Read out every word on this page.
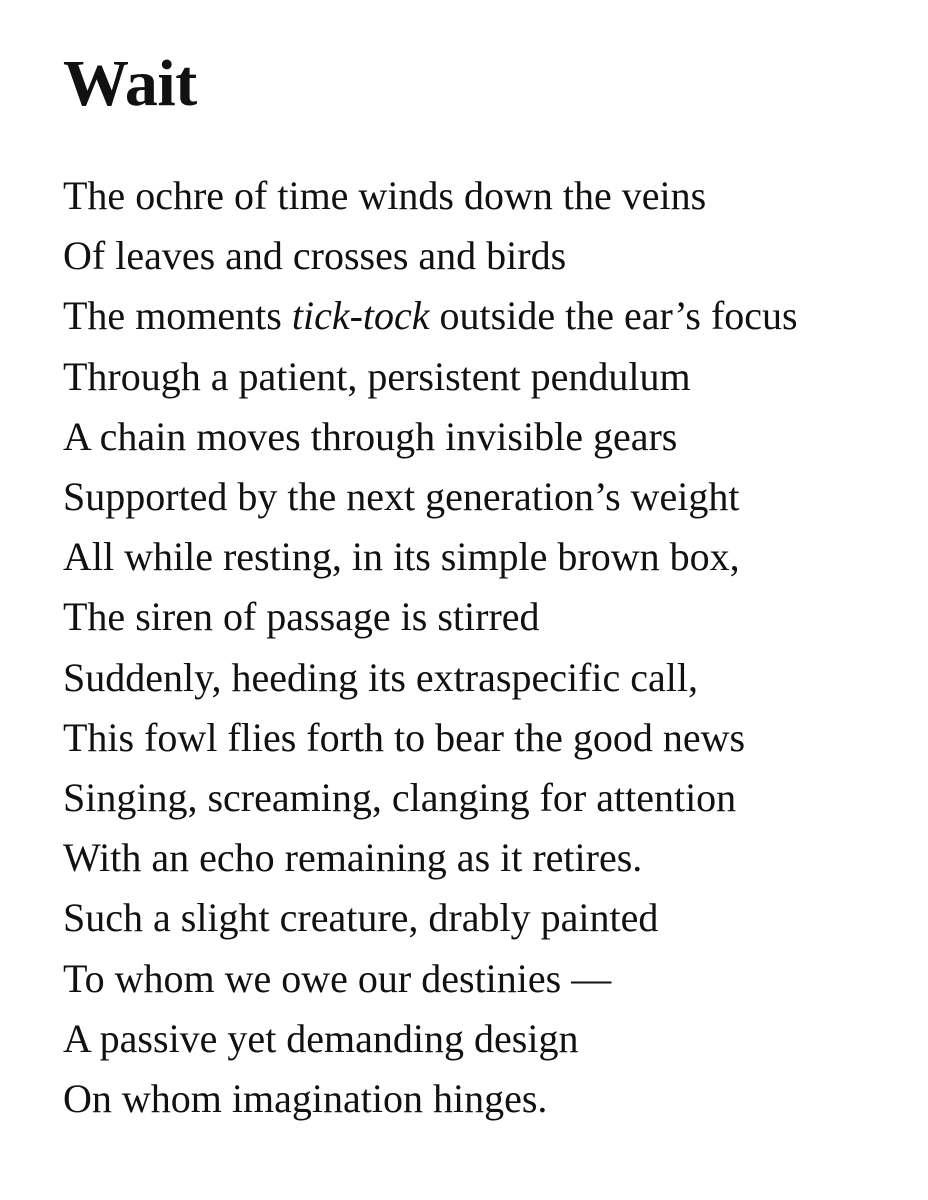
Wait
The ochre of time winds down the veins
Of leaves and crosses and birds
The moments tick-tock outside the ear’s focus
Through a patient, persistent pendulum
A chain moves through invisible gears
Supported by the next generation’s weight
All while resting, in its simple brown box,
The siren of passage is stirred
Suddenly, heeding its extraspecific call,
This fowl flies forth to bear the good news
Singing, screaming, clanging for attention
With an echo remaining as it retires.
Such a slight creature, drably painted
To whom we owe our destinies —
A passive yet demanding design
On whom imagination hinges.
